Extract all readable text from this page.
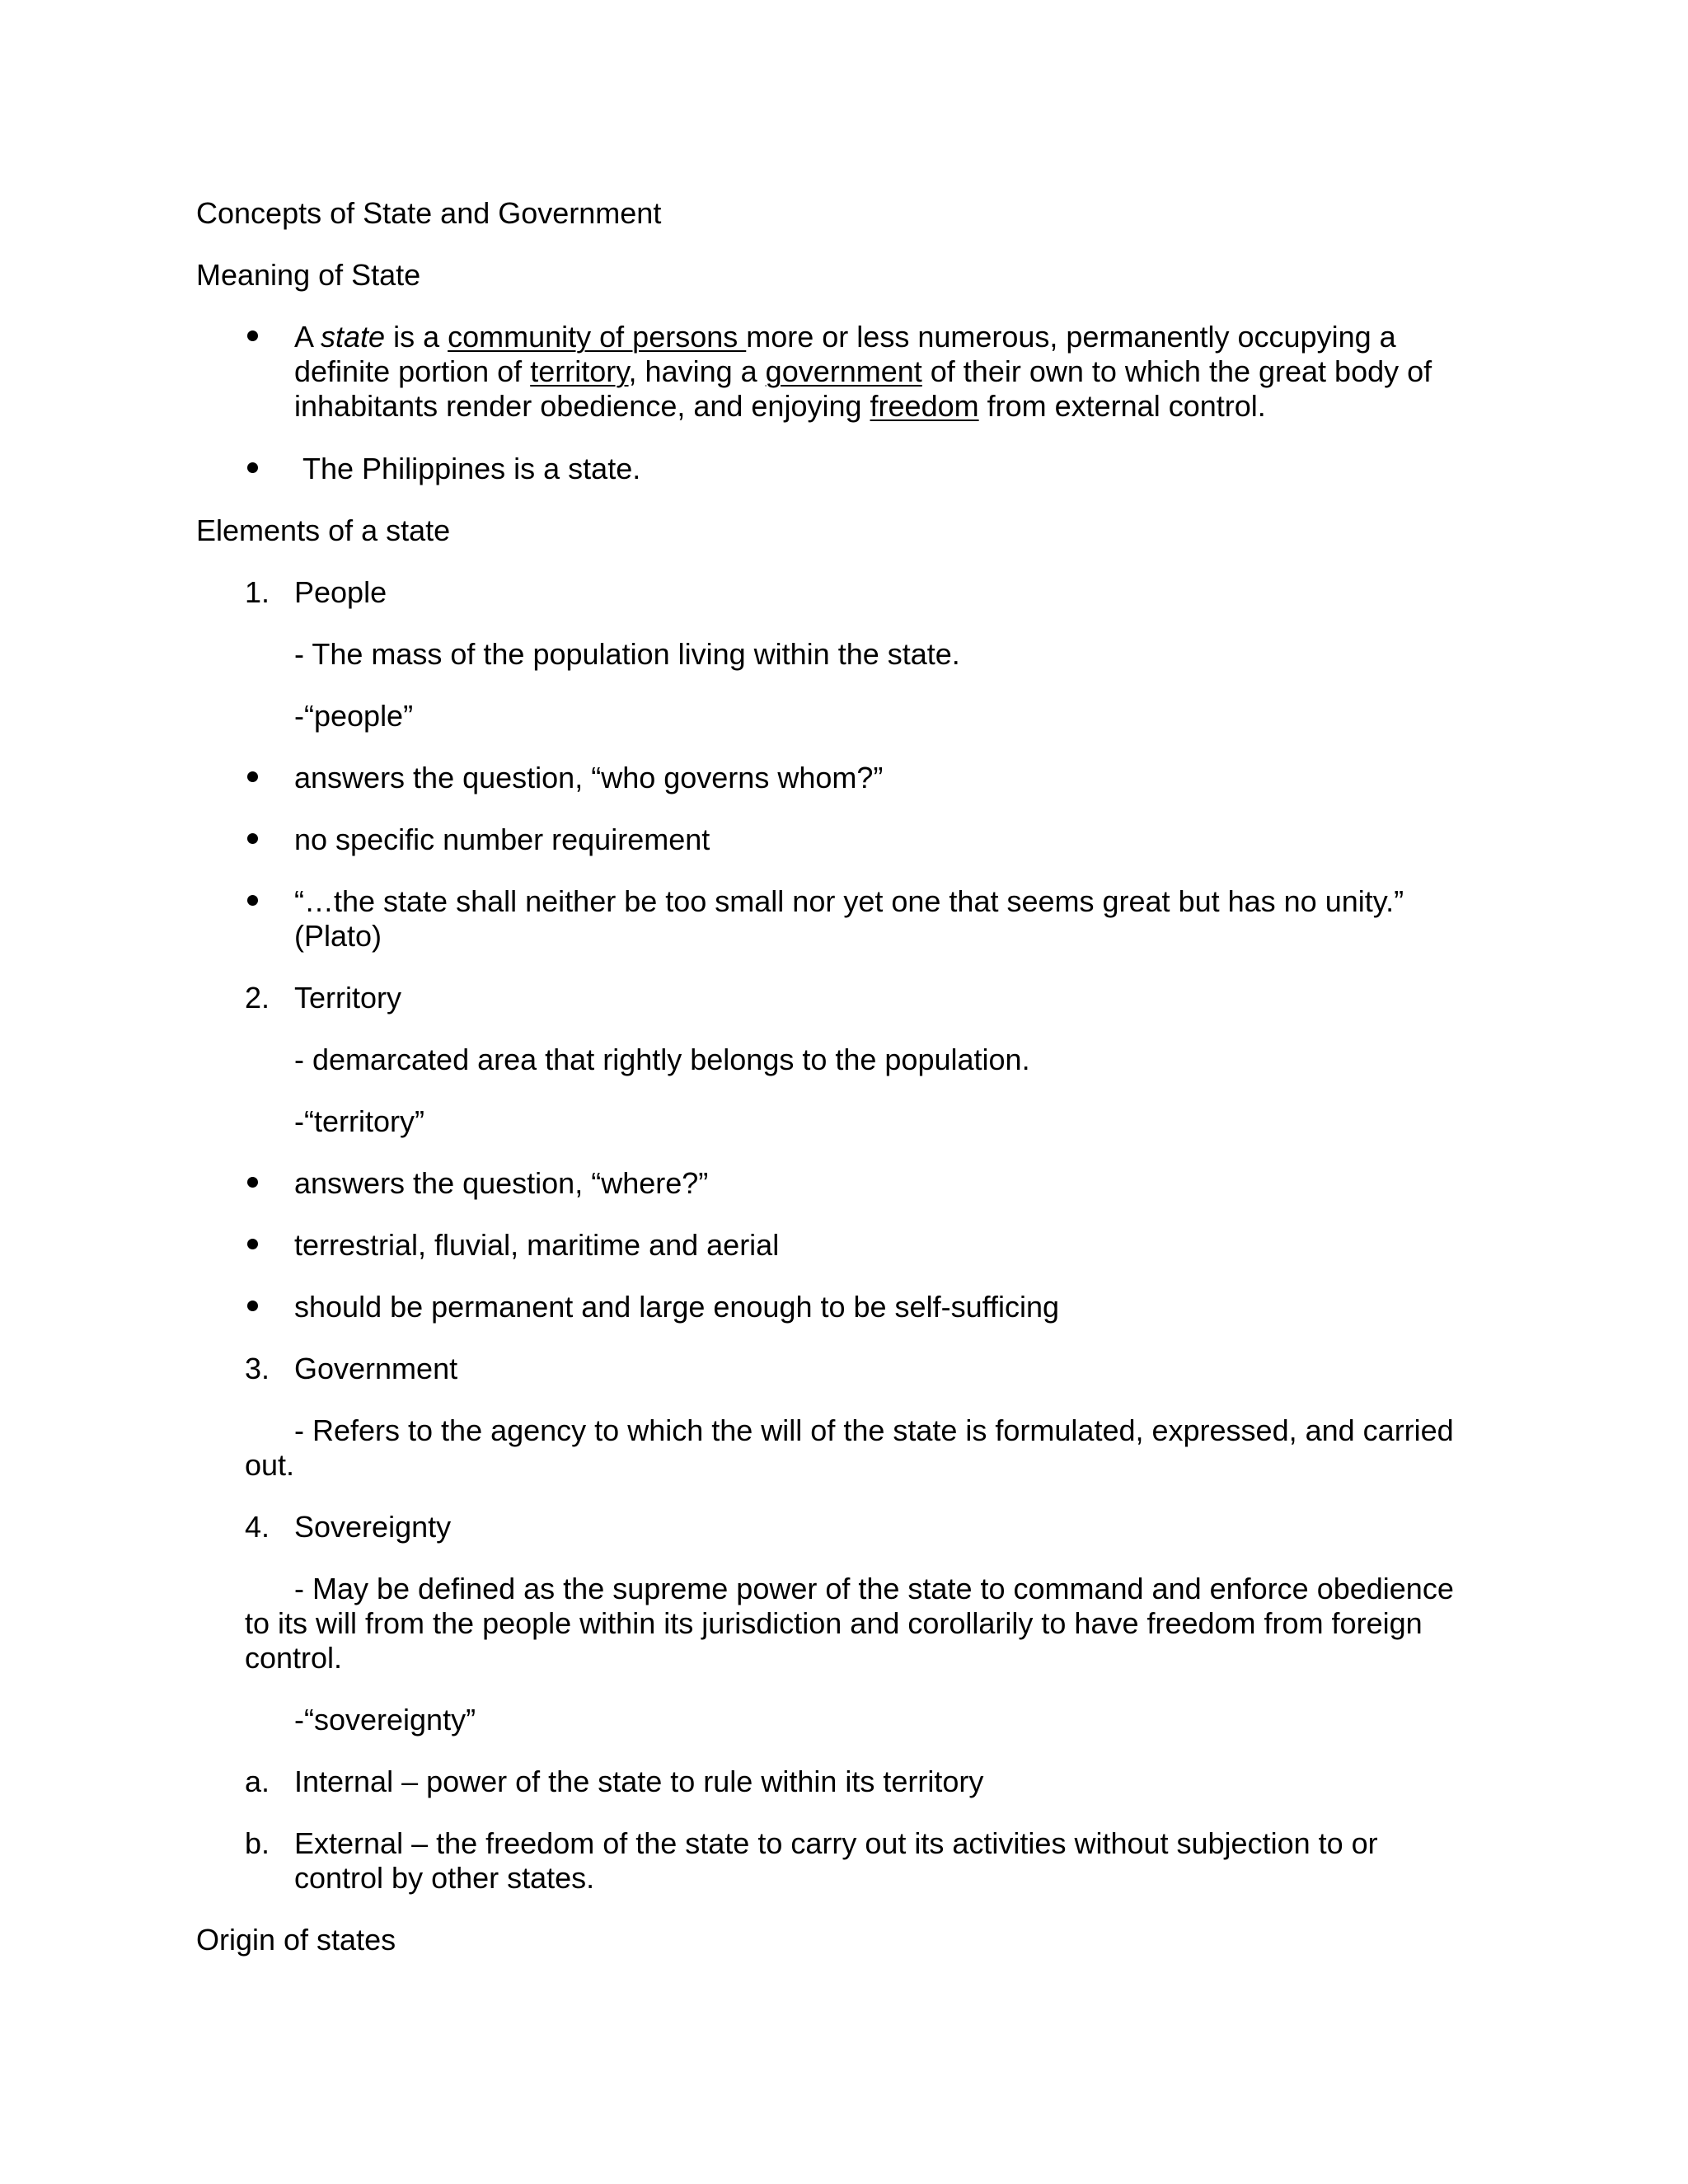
Concepts of State and Government

Meaning of State

A state is a community of persons more or less numerous, permanently occupying a

definite portion of territory, having a government of their own to which the great body of

inhabitants render obedience, and enjoying freedom from external control.

The Philippines is a state.

Elements of a state

1. People

- The mass of the population living within the state.

-“people”

answers the question, “who governs whom?”

no specific number requirement

“…the state shall neither be too small nor yet one that seems great but has no unity.”

(Plato)

2. Territory

- demarcated area that rightly belongs to the population.

-“territory”

answers the question, “where?”

terrestrial, fluvial, maritime and aerial

should be permanent and large enough to be self-sufficing

3. Government

- Refers to the agency to which the will of the state is formulated, expressed, and carried

out.

4. Sovereignty

- May be defined as the supreme power of the state to command and enforce obedience

to its will from the people within its jurisdiction and corollarily to have freedom from foreign

control.

-“sovereignty”

a. Internal – power of the state to rule within its territory

b. External – the freedom of the state to carry out its activities without subjection to or

control by other states.

Origin of states
